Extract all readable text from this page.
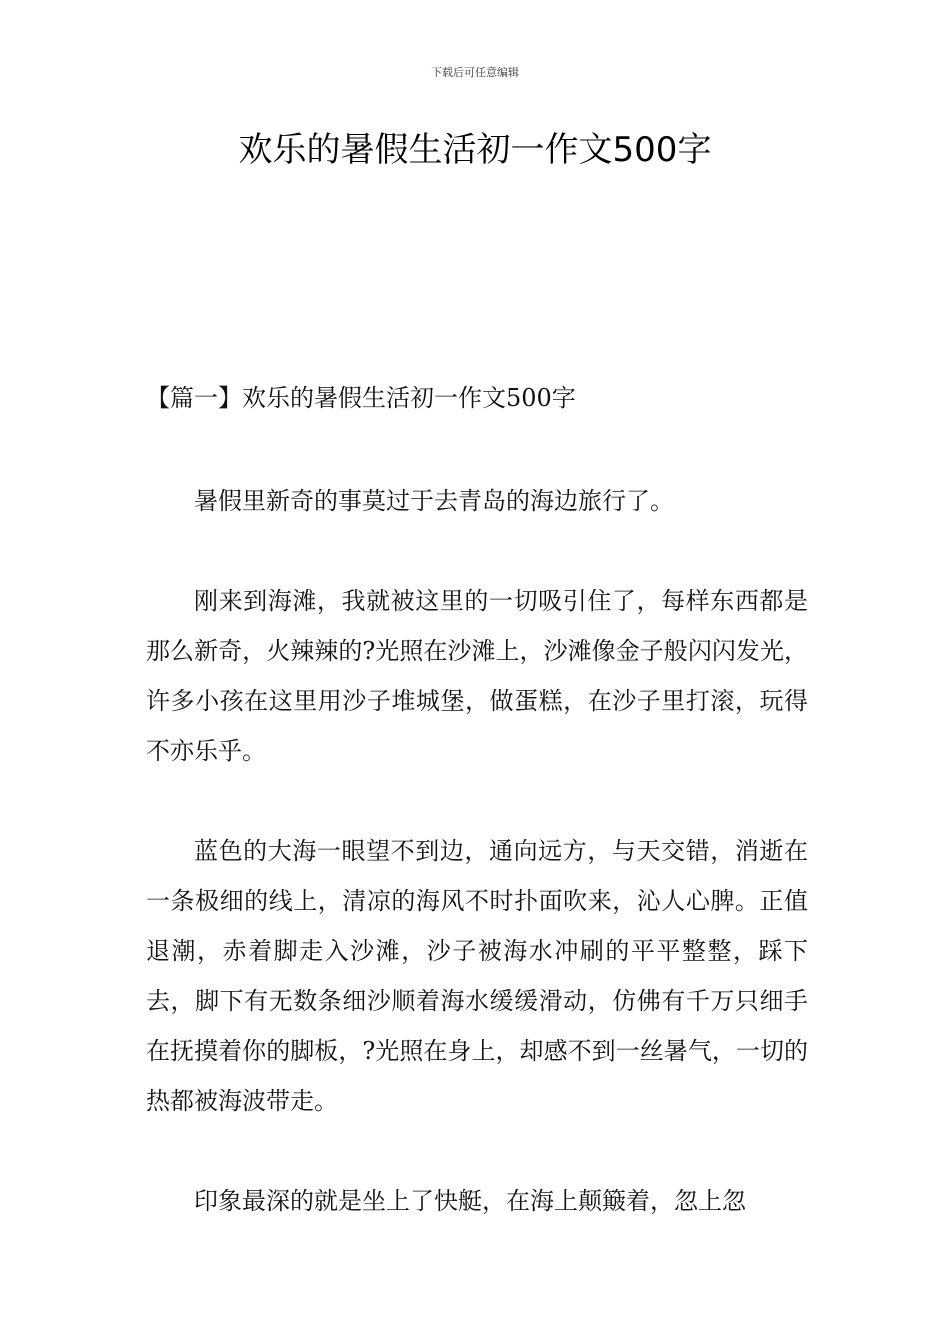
下载后可任意编辑
欢乐的暑假生活初一作文500字
【篇一】欢乐的暑假生活初一作文500字

暑假里新奇的事莫过于去青岛的海边旅行了。

刚来到海滩，我就被这里的一切吸引住了，每样东西都是那么新奇，火辣辣的?光照在沙滩上，沙滩像金子般闪闪发光，许多小孩在这里用沙子堆城堡，做蛋糕，在沙子里打滚，玩得不亦乐乎。

蓝色的大海一眼望不到边，通向远方，与天交错，消逝在一条极细的线上，清凉的海风不时扑面吹来，沁人心脾。正值退潮，赤着脚走入沙滩，沙子被海水冲刷的平平整整，踩下去，脚下有无数条细沙顺着海水缓缓滑动，仿佛有千万只细手在抚摸着你的脚板，?光照在身上，却感不到一丝暑气，一切的热都被海波带走。

印象最深的就是坐上了快艇，在海上颠簸着，忽上忽
